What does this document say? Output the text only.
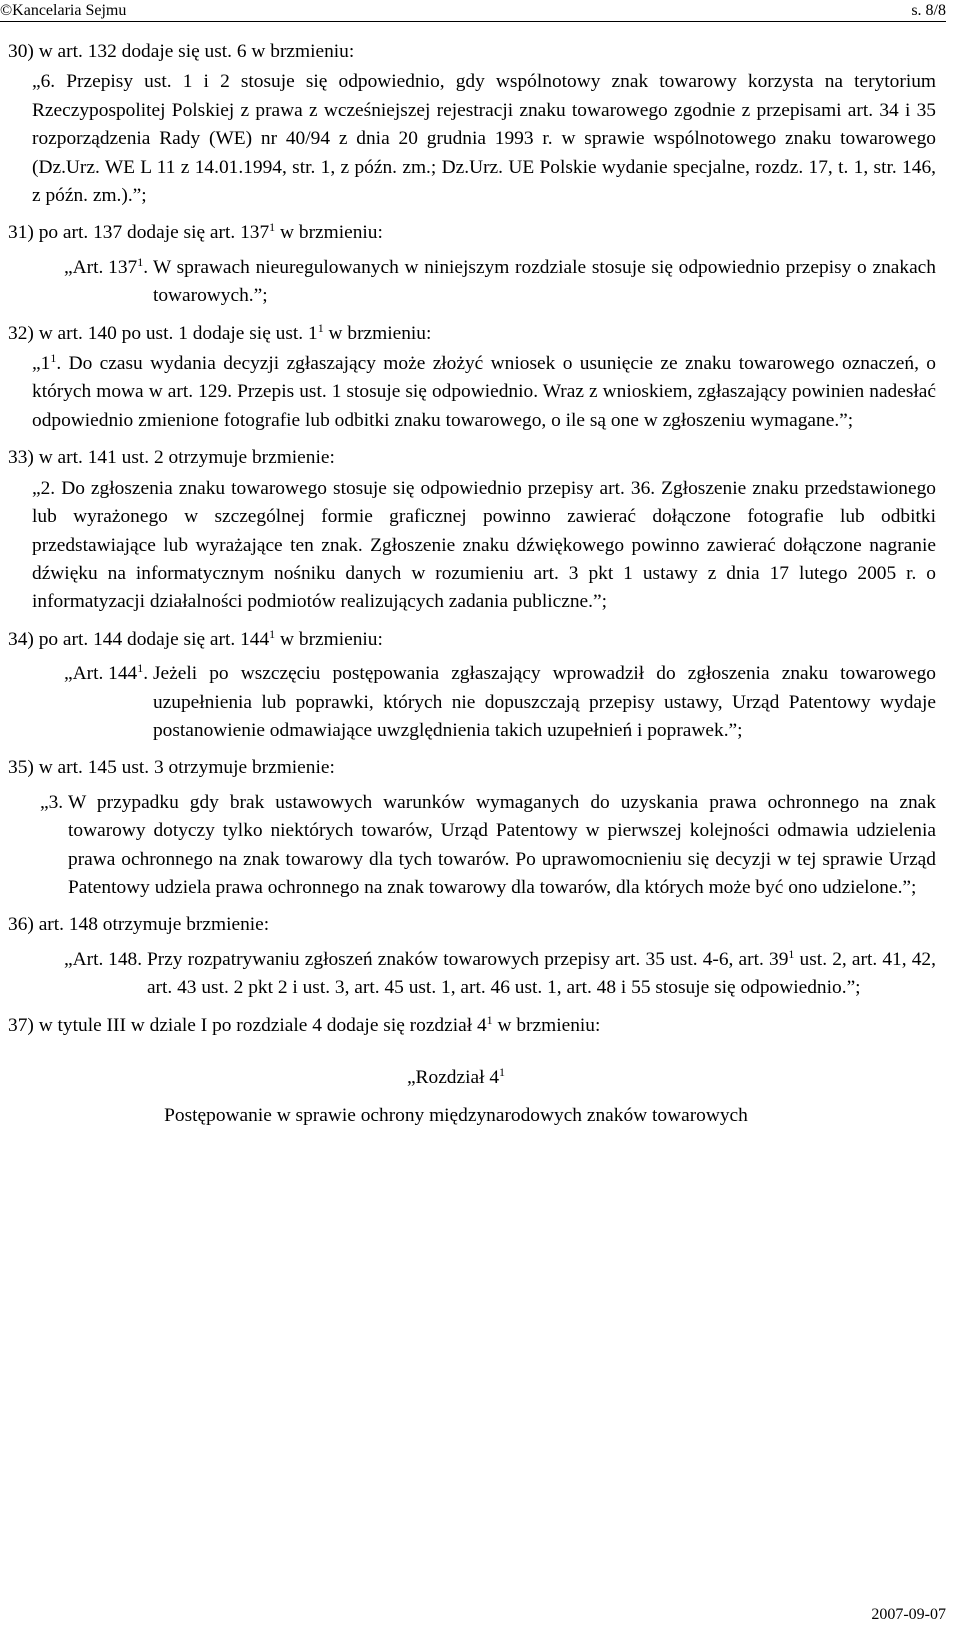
©Kancelaria Sejmu	s. 8/8

30) w art. 132 dodaje się ust. 6 w brzmieniu:

„6. Przepisy ust. 1 i 2 stosuje się odpowiednio, gdy wspólnotowy znak towarowy korzysta na terytorium Rzeczypospolitej Polskiej z prawa z wcześniejszej rejestracji znaku towarowego zgodnie z przepisami art. 34 i 35 rozporządzenia Rady (WE) nr 40/94 z dnia 20 grudnia 1993 r. w sprawie wspólnotowego znaku towarowego (Dz.Urz. WE L 11 z 14.01.1994, str. 1, z późn. zm.; Dz.Urz. UE Polskie wydanie specjalne, rozdz. 17, t. 1, str. 146, z późn. zm.).”;

31) po art. 137 dodaje się art. $137^1$ w brzmieniu:

„Art. $137^1$. W sprawach nieuregulowanych w niniejszym rozdziale stosuje się odpowiednio przepisy o znakach towarowych.”;

32) w art. 140 po ust. 1 dodaje się ust. $1^1$ w brzmieniu:

$„1^1$. Do czasu wydania decyzji zgłaszający może złożyć wniosek o usunięcie ze znaku towarowego oznaczeń, o których mowa w art. 129. Przepis ust. 1 stosuje się odpowiednio. Wraz z wnioskiem, zgłaszający powinien nadesłać odpowiednio zmienione fotografie lub odbitki znaku towarowego, o ile są one w zgłoszeniu wymagane.”;

33) w art. 141 ust. 2 otrzymuje brzmienie:

„2. Do zgłoszenia znaku towarowego stosuje się odpowiednio przepisy art. 36. Zgłoszenie znaku przedstawionego lub wyrażonego w szczególnej formie graficznej powinno zawierać dołączone fotografie lub odbitki przedstawiające lub wyrażające ten znak. Zgłoszenie znaku dźwiękowego powinno zawierać dołączone nagranie dźwięku na informatycznym nośniku danych w rozumieniu art. 3 pkt 1 ustawy z dnia 17 lutego 2005 r. o informatyzacji działalności podmiotów realizujących zadania publiczne.”;

34) po art. 144 dodaje się art. $144^1$ w brzmieniu:

„Art. $144^1$. Jeżeli po wszczęciu postępowania zgłaszający wprowadził do zgłoszenia znaku towarowego uzupełnienia lub poprawki, których nie dopuszczają przepisy ustawy, Urząd Patentowy wydaje postanowienie odmawiające uwzględnienia takich uzupełnień i poprawek.”;

35) w art. 145 ust. 3 otrzymuje brzmienie:

„3. W przypadku gdy brak ustawowych warunków wymaganych do uzyskania prawa ochronnego na znak towarowy dotyczy tylko niektórych towarów, Urząd Patentowy w pierwszej kolejności odmawia udzielenia prawa ochronnego na znak towarowy dla tych towarów. Po uprawomocnieniu się decyzji w tej sprawie Urząd Patentowy udziela prawa ochronnego na znak towarowy dla towarów, dla których może być ono udzielone.”;

36) art. 148 otrzymuje brzmienie:

„Art. 148. Przy rozpatrywaniu zgłoszeń znaków towarowych przepisy art. 35 ust. 4-6, art. $39^1$ ust. 2, art. 41, 42, art. 43 ust. 2 pkt 2 i ust. 3, art. 45 ust. 1, art. 46 ust. 1, art. 48 i 55 stosuje się odpowiednio.”;

37) w tytule III w dziale I po rozdziale 4 dodaje się rozdział $4^1$ w brzmieniu:

„Rozdział $4^1$

Postępowanie w sprawie ochrony międzynarodowych znaków towarowych

2007-09-07
